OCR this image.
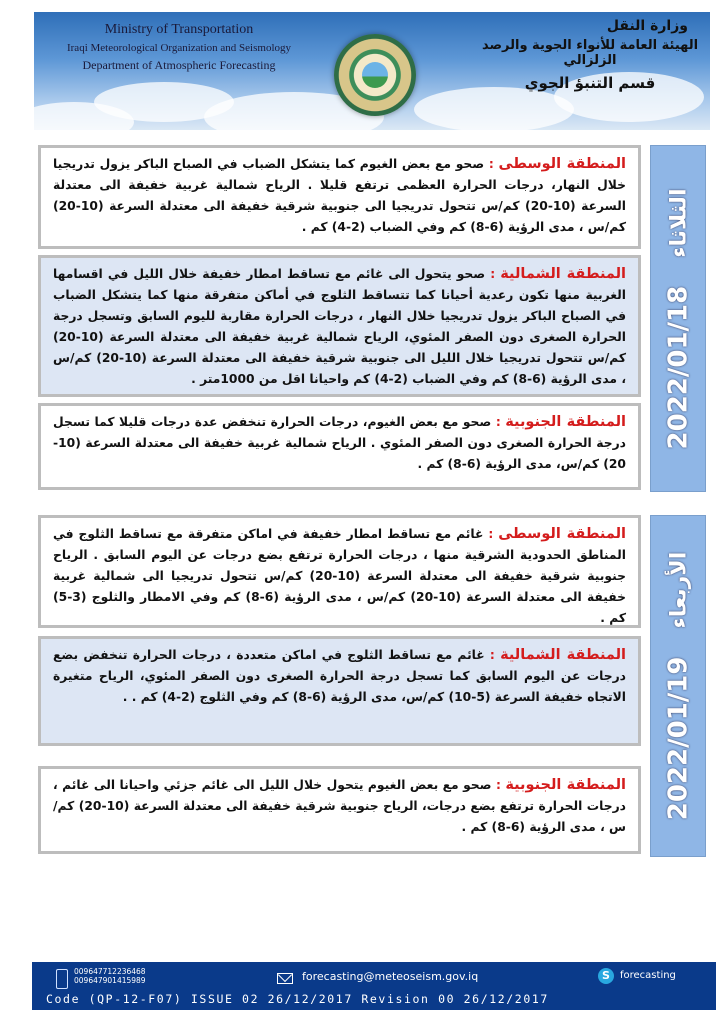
Ministry of Transportation
Iraqi Meteorological Organization and Seismology
Department of Atmospheric Forecasting
وزارة النقل
الهيئة العامة للأنواء الجوية والرصد الزلزالي
قسم التنبؤ الجوي
2022/01/18
الثلاثاء
المنطقة الوسطى : صحو مع بعض الغيوم كما يتشكل الضباب في الصباح الباكر يزول تدريجيا خلال النهار، درجات الحرارة العظمى ترتفع قليلا . الرياح شمالية غربية خفيفة الى معتدلة السرعة (10-20) كم/س تتحول تدريجيا الى جنوبية شرقية خفيفة الى معتدلة السرعة (10-20) كم/س ، مدى الرؤية (6-8) كم وفي الضباب (2-4) كم .
المنطقة الشمالية : صحو يتحول الى غائم مع تساقط امطار خفيفة خلال الليل في اقسامها الغربية منها تكون رعدية أحيانا كما تتساقط الثلوج في أماكن متفرقة منها كما يتشكل الضباب في الصباح الباكر يزول تدريجيا خلال النهار ، درجات الحرارة مقاربة لليوم السابق وتسجل درجة الحرارة الصغرى دون الصفر المئوي، الرياح شمالية غربية خفيفة الى معتدلة السرعة (10-20) كم/س تتحول تدريجيا خلال الليل الى جنوبية شرقية خفيفة الى معتدلة السرعة (10-20) كم/س ، مدى الرؤية (6-8) كم وفي الضباب (2-4) كم واحيانا اقل من 1000متر .
المنطقة الجنوبية : صحو مع بعض الغيوم، درجات الحرارة تنخفض عدة درجات قليلا كما تسجل درجة الحرارة الصغرى دون الصفر المئوي . الرياح شمالية غربية خفيفة الى معتدلة السرعة (10-20) كم/س، مدى الرؤية (6-8) كم .
2022/01/19
الأربعاء
المنطقة الوسطى : غائم مع تساقط امطار خفيفة في اماكن متفرقة مع تساقط الثلوج في المناطق الحدودية الشرقية منها ، درجات الحرارة ترتفع بضع درجات عن اليوم السابق . الرياح جنوبية شرقية خفيفة الى معتدلة السرعة (10-20) كم/س تتحول تدريجيا الى شمالية غربية خفيفة الى معتدلة السرعة (10-20) كم/س ، مدى الرؤية (6-8) كم وفي الامطار والثلوج (3-5) كم .
المنطقة الشمالية : غائم مع تساقط الثلوج في اماكن متعددة ، درجات الحرارة تنخفض بضع درجات عن اليوم السابق كما تسجل درجة الحرارة الصغرى دون الصفر المئوي، الرياح متغيرة الاتجاه خفيفة السرعة (5-10) كم/س، مدى الرؤية (6-8) كم وفي الثلوج (2-4) كم . .
المنطقة الجنوبية : صحو مع بعض الغيوم يتحول خلال الليل الى غائم جزئي واحيانا الى غائم ، درجات الحرارة ترتفع بضع درجات، الرياح جنوبية شرقية خفيفة الى معتدلة السرعة (10-20) كم/س ، مدى الرؤية (6-8) كم .
009647712236468
009647901415989	forecasting@meteoseism.gov.iq	S	forecasting
Code (QP-12-F07) ISSUE 02 26/12/2017 Revision 00 26/12/2017
